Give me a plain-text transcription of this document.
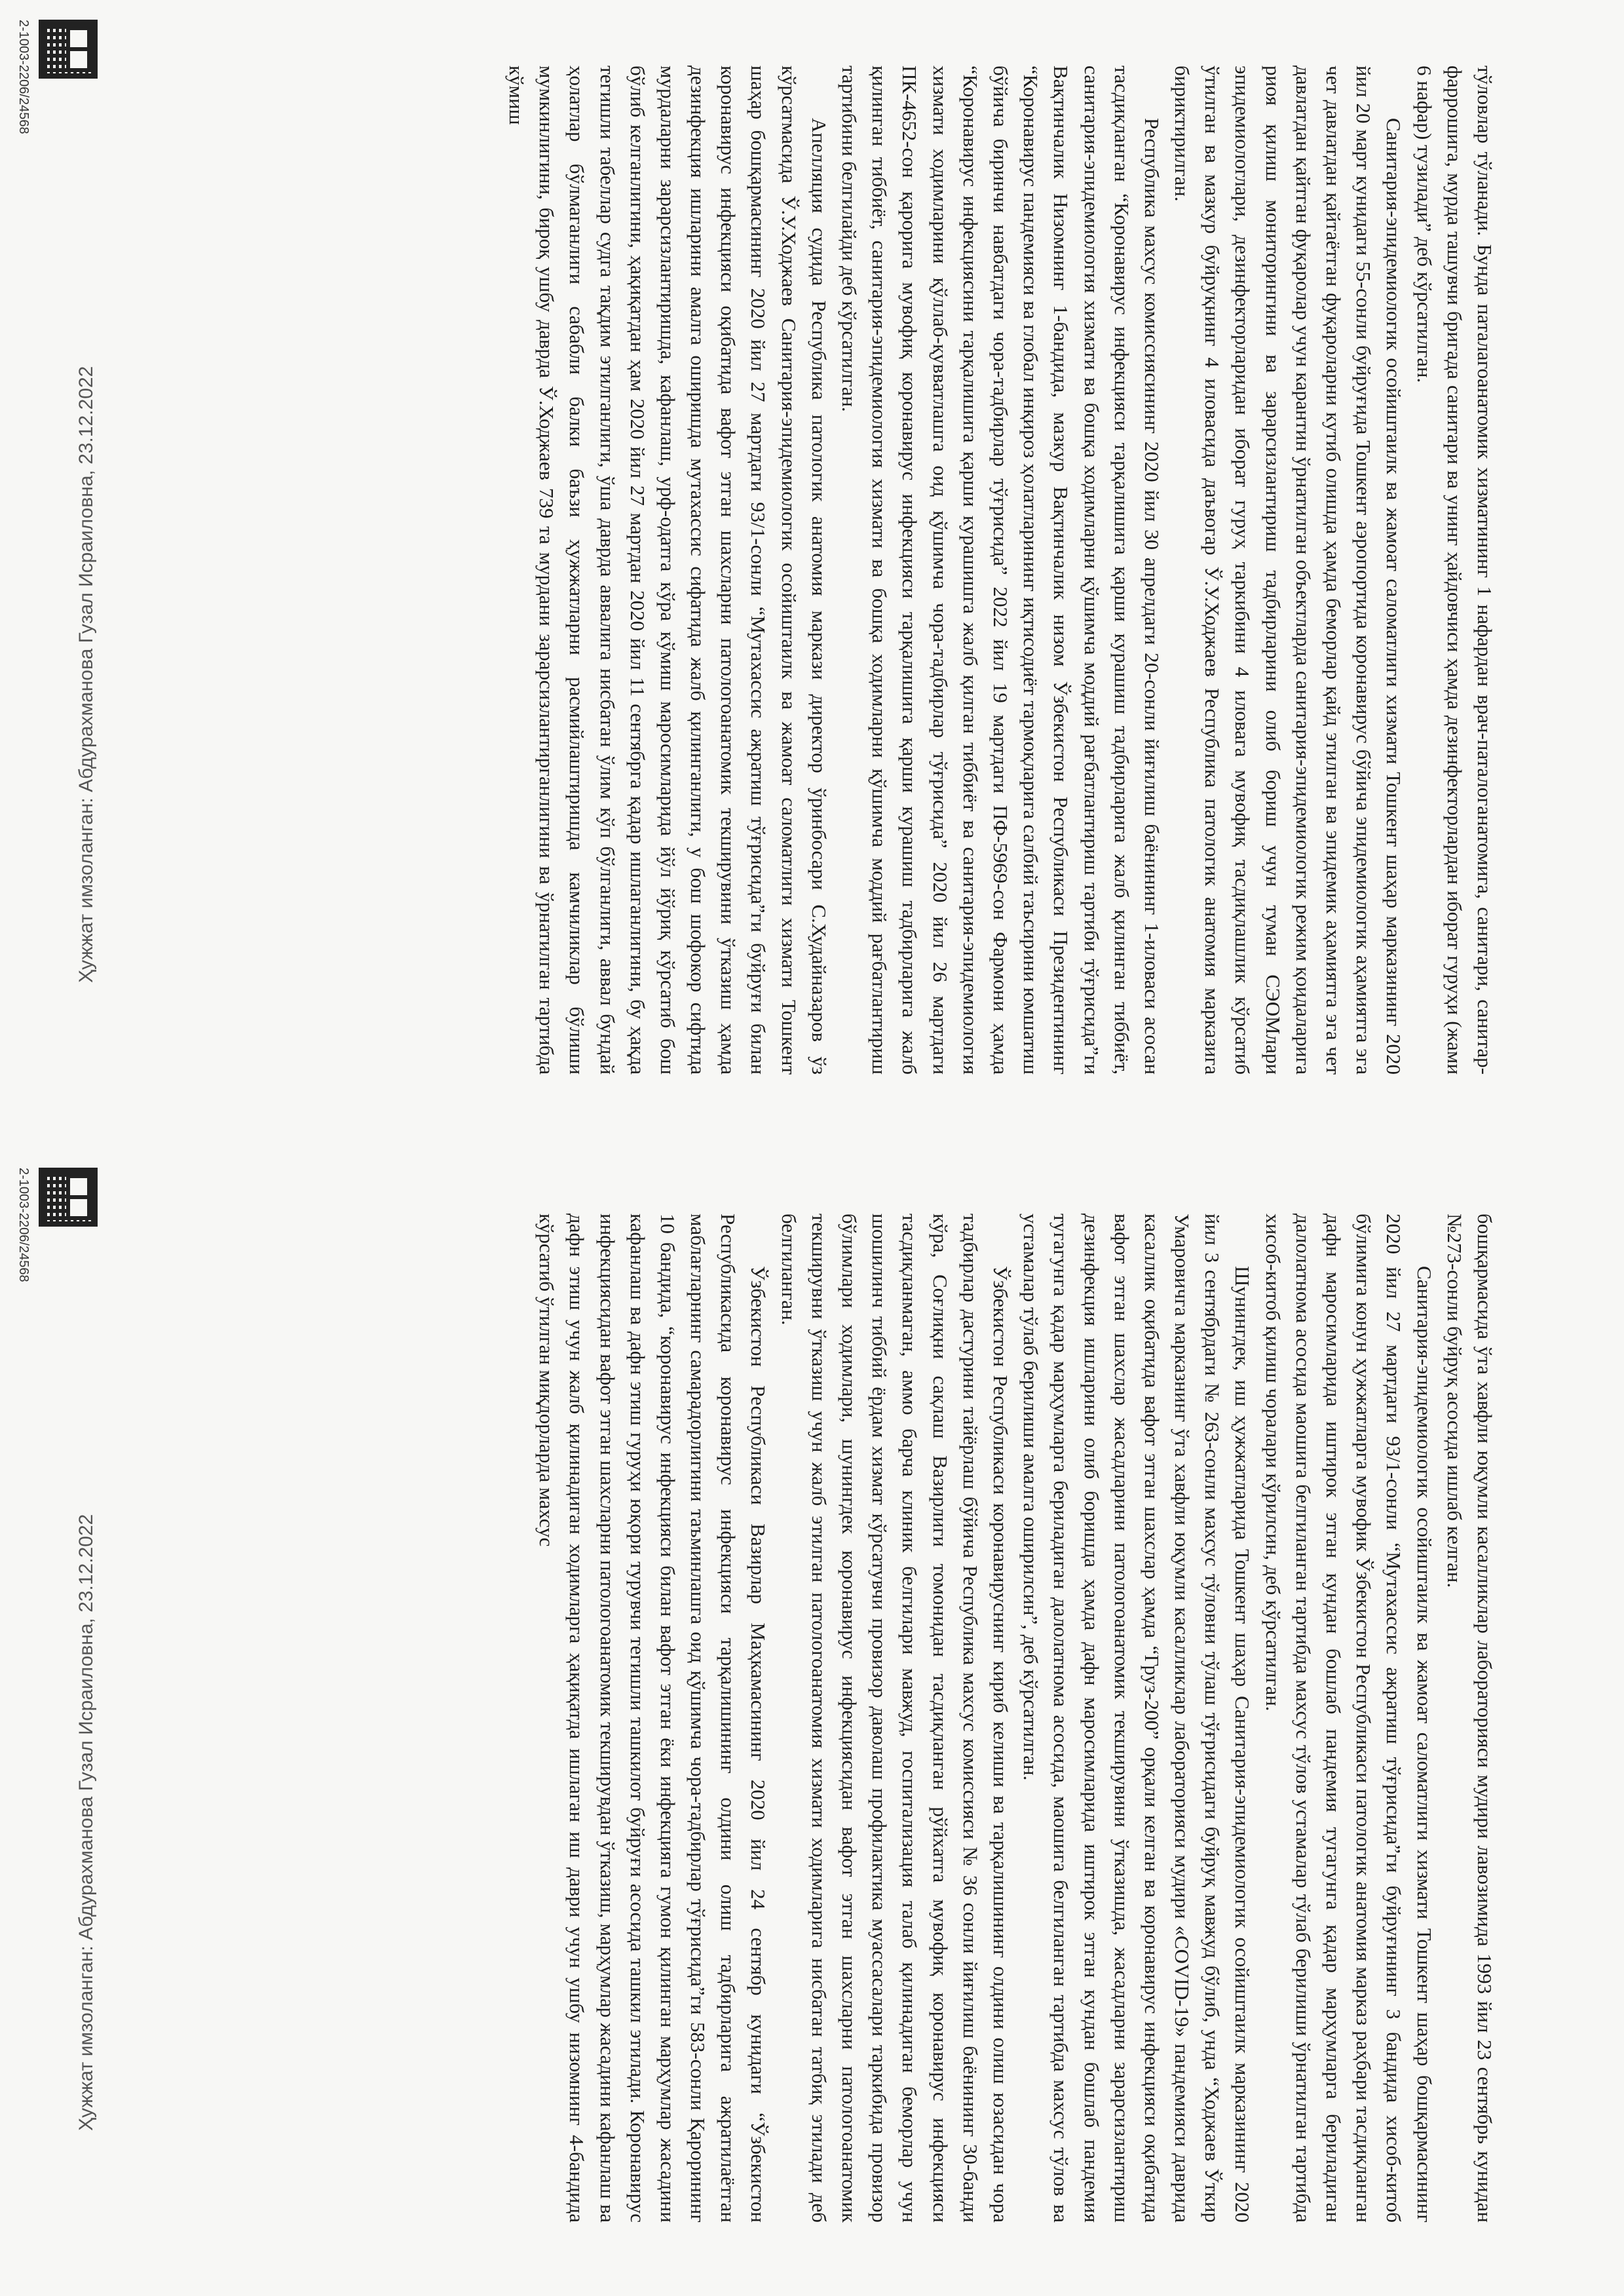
бошқармасида ўта хавфли юқумли касалликлар лабораторияси мудири лавозимида 1993 йил 23 сентябрь кунидан №273-сонли буйруқ асосида ишлаб келган.

Санитария-эпидемиологик осойиштаилк ва жамоат саломатлиги хизмати Тошкент шаҳар бошқармасининг 2020 йил 27 мартдаги 93/1-сонли “Мутахассис ажратиш тўғрисида”ги буйруғининг 3 бандида хисоб-китоб бўлимига конун ҳужжатларга мувофик Ўзбекистон Республикаси патологик анатомия марказ раҳбари тасдиқланган дафн маросимларида иштирок этган кундан бошлаб пандемия тугагунга қадар марҳумларга бериладиган далолатнома асосида маошига белгиланган тартибда махсус тўлов устамалар тўлаб берилиши ўрнатилган тартибда хисоб-китоб қилиш чоралари кўрилсин, деб кўрсатилган.

Шунингдек, иш ҳужжатларида Тошкент шаҳар Санитария-эпидемиологик осойиштаилк марказининг 2020 йил 3 сентябрдаги № 263-сонли махсус тўловни тўлаш тўғрисидаги буйруқ мавжуд бўлиб, унда “Ходжаев Ўткир Умаровичга марказнинг ўта хавфли юқумли касалликлар лабораторияси мудири «COVID-19» пандемияси даврида касаллик оқибатида вафот этган шахслар ҳамда “Груз-200” орқали келган ва коронавирус инфекцияси оқибатида вафот этган шахслар жасадларини патологоанатомик текширувини ўтказишда, жасадларни зарарсизлантириш дезинфекция ишларини олиб боришда ҳамда дафн маросимларида иштирок этган кундан бошлаб пандемия тугагунга қадар марҳумларга бериладиган далолатнома асосида, маошига белгиланган тартибда махсус тўлов ва устамалар тўлаб берилиши амалга оширилсин”, деб кўрсатилган.

Ўзбекистон Республикаси коронавируснинг кириб келиши ва тарқалишининг олдини олиш юзасидан чора тадбирлар дастурини тайёрлаш бўйича Республика махсус комиссияси № 36 сонли йиғилиш баёнининг 30-банди кўра, Соғлиқни сақлаш Вазирлиги томонидан тасдиқланган рўйхатга мувофиқ коронавирус инфекцияси тасдиқланмаган, аммо барча клиник белгилари мавжуд, госпитализация талаб қилинадиган беморлар учун шошилинч тиббий ёрдам хизмат кўрсатувчи провизор даволаш профилактика муассасалари таркибида провизор бўлимлари ходимлари, шунингдек коронавирус инфекциясидан вафот этган шахсларни патологоанатомик текширувни ўтказиш учун жалб этилган патологоанатомия хизмати ходимларига нисбатан татбиқ этилади деб белгиланган.

Ўзбекистон Республикаси Вазирлар Маҳкамасининг 2020 йил 24 сентябр кунидаги “Ўзбекистон Республикасида коронавирус инфекцияси тарқалишининг олдини олиш тадбирларига ажратилаётган маблағларнинг самарадорлигини таъминлашга оид қўшимча чора-тадбирлар тўғрисида”ги 583-сонли Қарорининг 10 бандида, “коронавирус инфекцияси билан вафот этган ёки инфекцияга гумон қилинган марҳумлар жасадини кафанлаш ва дафн этиш гуруҳи юқори турувчи тегишли ташкилот буйруғи асосида ташкил этилади. Коронавирус инфекциясидан вафот этган шахсларни патологоанатомик текширувдан ўтказиш, марҳумлар жасадини кафанлаш ва дафн этиш учун жалб қилинадиган ходимларга ҳақиқатда ишлаган иш даври учун ушбу низомнинг 4-бандида кўрсатиб ўтилган миқдорларда махсус

Ҳужжат имзоланган: Абдурахманова Гузал Исраиловна, 23.12.2022
2-1003-2206/24568

тўловлар тўланади. Бунда паталагоанатомик хизматининг 1 нафардан врач-паталоганатомига, санитари, санитар-фаррошига, мурда ташувчи бригада санитари ва унинг ҳайдовчиси ҳамда дезинфекторлардан иборат гуруҳи (жами 6 нафар) тузилади” деб кўрсатилган.

Санитария-эпидемиологик осойиштаилк ва жамоат саломатлиги хизмати Тошкент шаҳар марказининг 2020 йил 20 март кунидаги 55-сонли буйруғида Тошкент аэропортида коронавирус бўйича эпидемиологик аҳамиятга эга чет давлатдан қайтаётган фуқароларни кутиб олишда ҳамда беморлар қайд этилган ва эпидемик аҳамиятга эга чет давлатдан қайтган фуқаролар учун карантин ўрнатилган объектларда санитария-эпидемиологик режим қоидаларига риоя қилиш мониторингини ва зарарсизлантириш тадбирларини олиб бориш учун туман СЭОМлари эпидемиологлари, дезинфекторларидан иборат гуруҳ таркибини 4 иловага мувофиқ тасдиқлашлик кўрсатиб ўтилган ва мазкур буйруқнинг 4 иловасида даъвогар Ў.У.Ходжаев Республика патологик анатомия марказига бириктирилган.

Республика махсус комиссиясининг 2020 йил 30 апрелдаги 20-сонли йиғилиш баёнининг 1-иловаси асосан тасдиқланган “Коронавирус инфекцияси тарқалишига қарши курашиш тадбирларига жалб қилинган тиббиёт, санитария-эпидемиология хизмати ва бошқа ходимларни қўшимча моддий рағбатлантириш тартиби тўғрисида”ги Вақтинчалик Низомнинг 1-бандида, мазкур Вақтинчалик низом Ўзбекистон Республикаси Президентининг “Коронавирус пандемияси ва глобал инқироз ҳолатларининг иқтисодиёт тармоқларига салбий таъсирини юмшатиш бўйича биринчи навбатдаги чора-тадбирлар тўғрисида” 2022 йил 19 мартдаги ПФ-5969-сон Фармони ҳамда “Коронавирус инфекциясини тарқалишига қарши курашишга жалб қилган тиббиёт ва санитария-эпидемиология хизмати ходимларини қўллаб-қувватлашга оид қўшимча чора-тадбирлар тўғрисида” 2020 йил 26 мартдаги ПК-4652-сон қарорига мувофиқ коронавирус инфекцияси тарқалишига қарши курашиш тадбирларига жалб қилинган тиббиёт, санитария-эпидемиология хизмати ва бошқа ходимларни қўшимча моддий рағбатлантириш тартибини белгилайди деб кўрсатилган.

Апелляция судида Республика патологик анатомия маркази директор ўринбосари С.Худайназаров ўз кўрсатмасида Ў.У.Ходжаев Санитария-эпидемиологик осойиштаилк ва жамоат саломатлиги хизмати Тошкент шаҳар бошқармасининг 2020 йил 27 мартдаги 93/1-сонли “Мутахассис ажратиш тўғрисида”ги буйруғи билан коронавирус инфекцияси оқибатида вафот этган шахсларни патологоанатомик текширувини ўтказиш ҳамда дезинфекция ишларини амалга оширишда мутахассис сифатида жалб қилинганлиги, у бош шофокор сифтида мурдаларни зарарсизлантиришда, кафанлаш, урф-одатга кўра кўмиш маросимларида йўл йўриқ кўрсатиб бош бўлиб келганлигини, ҳақиқатдан ҳам 2020 йил 27 мартдан 2020 йил 11 сентябрга қадар ишлаганлигини, бу ҳақда тегишли табеллар судга тақдим этилганлиги, ўша даврда аввалига нисбатан ўлим кўп бўлганлиги, аввал бундай ҳолатлар бўлмаганлиги сабабли балки баъзи ҳужжатларни расмийлаштиришда камчиликлар бўлиши мумкинлигини, бироқ ушбу даврда Ў.Ходжаев 739 та мурдани зарарсизлантирганлигини ва ўрнатилган тартибда кўмиш

Ҳужжат имзоланган: Абдурахманова Гузал Исраиловна, 23.12.2022
2-1003-2206/24568
